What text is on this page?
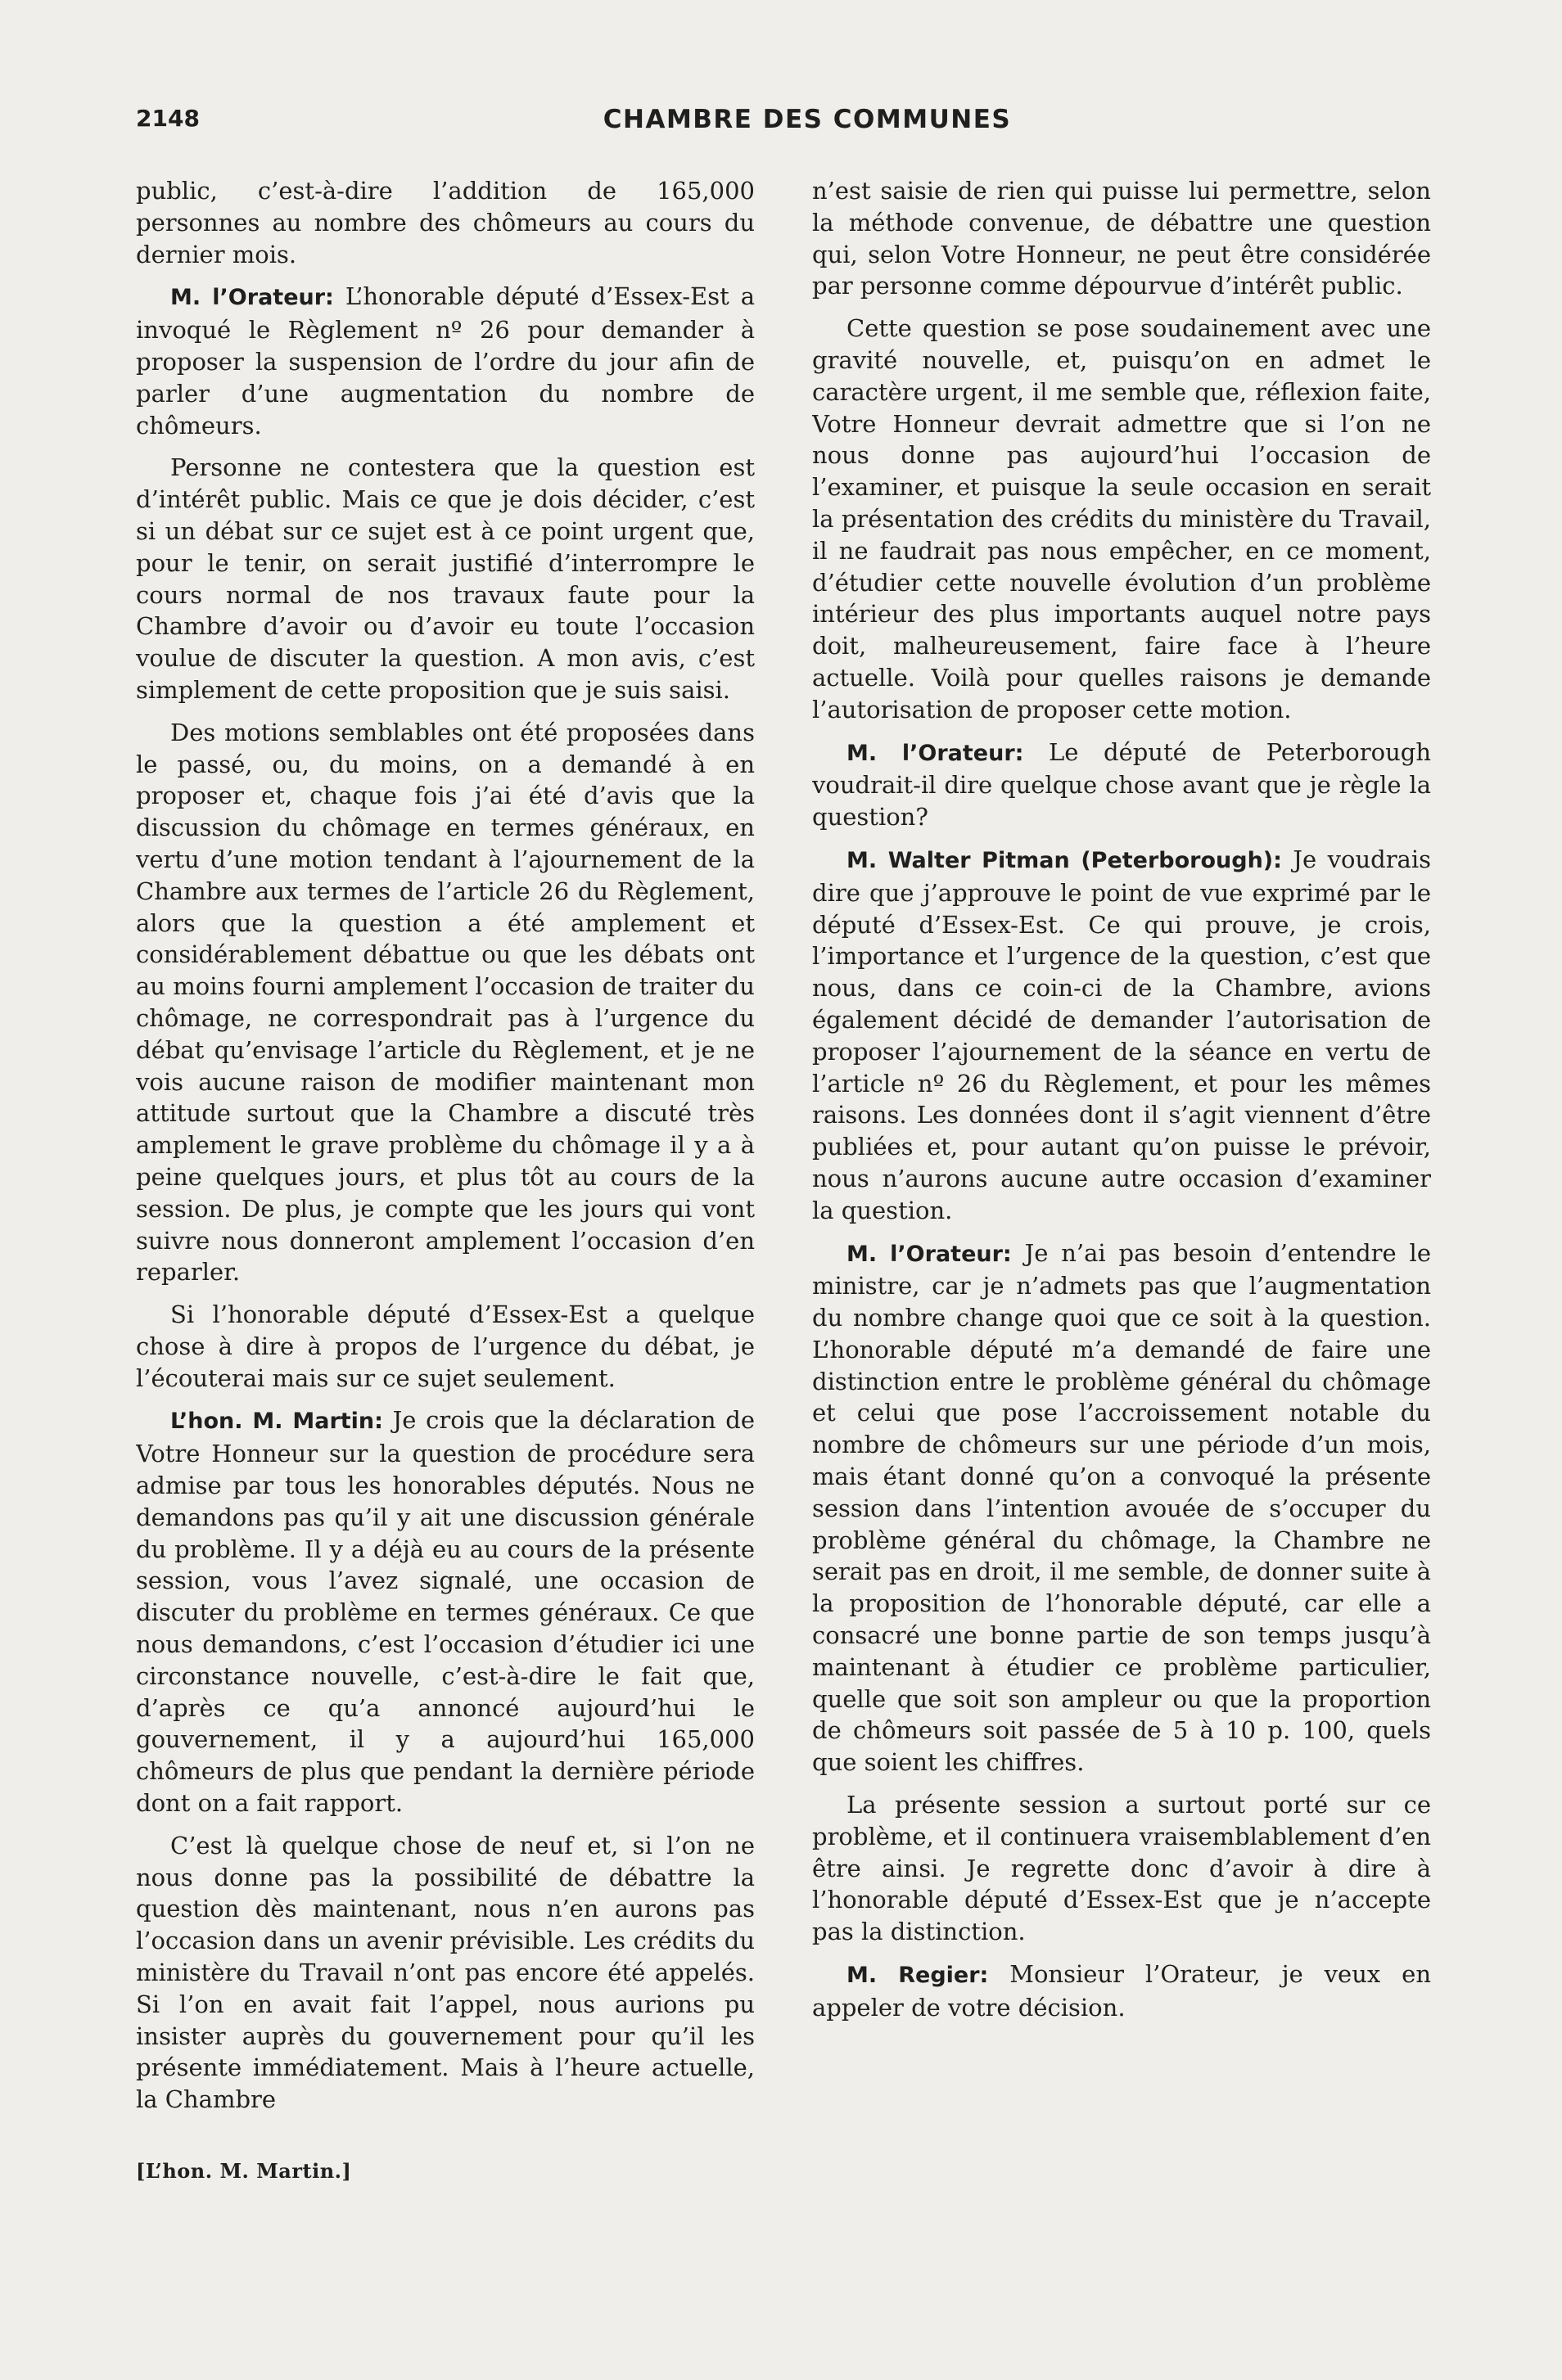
2148	CHAMBRE DES COMMUNES

public, c’est-à-dire l’addition de 165,000 personnes au nombre des chômeurs au cours du dernier mois.

M. l’Orateur: L’honorable député d’Essex-Est a invoqué le Règlement nº 26 pour demander à proposer la suspension de l’ordre du jour afin de parler d’une augmentation du nombre de chômeurs.

Personne ne contestera que la question est d’intérêt public. Mais ce que je dois décider, c’est si un débat sur ce sujet est à ce point urgent que, pour le tenir, on serait justifié d’interrompre le cours normal de nos travaux faute pour la Chambre d’avoir ou d’avoir eu toute l’occasion voulue de discuter la question. A mon avis, c’est simplement de cette proposition que je suis saisi.

Des motions semblables ont été proposées dans le passé, ou, du moins, on a demandé à en proposer et, chaque fois j’ai été d’avis que la discussion du chômage en termes généraux, en vertu d’une motion tendant à l’ajournement de la Chambre aux termes de l’article 26 du Règlement, alors que la question a été amplement et considérablement débattue ou que les débats ont au moins fourni amplement l’occasion de traiter du chômage, ne correspondrait pas à l’urgence du débat qu’envisage l’article du Règlement, et je ne vois aucune raison de modifier maintenant mon attitude surtout que la Chambre a discuté très amplement le grave problème du chômage il y a à peine quelques jours, et plus tôt au cours de la session. De plus, je compte que les jours qui vont suivre nous donneront amplement l’occasion d’en reparler.

Si l’honorable député d’Essex-Est a quelque chose à dire à propos de l’urgence du débat, je l’écouterai mais sur ce sujet seulement.

L’hon. M. Martin: Je crois que la déclaration de Votre Honneur sur la question de procédure sera admise par tous les honorables députés. Nous ne demandons pas qu’il y ait une discussion générale du problème. Il y a déjà eu au cours de la présente session, vous l’avez signalé, une occasion de discuter du problème en termes généraux. Ce que nous demandons, c’est l’occasion d’étudier ici une circonstance nouvelle, c’est-à-dire le fait que, d’après ce qu’a annoncé aujourd’hui le gouvernement, il y a aujourd’hui 165,000 chômeurs de plus que pendant la dernière période dont on a fait rapport.

C’est là quelque chose de neuf et, si l’on ne nous donne pas la possibilité de débattre la question dès maintenant, nous n’en aurons pas l’occasion dans un avenir prévisible. Les crédits du ministère du Travail n’ont pas encore été appelés. Si l’on en avait fait l’appel, nous aurions pu insister auprès du gouvernement pour qu’il les présente immédiatement. Mais à l’heure actuelle, la Chambre

[L’hon. M. Martin.]

n’est saisie de rien qui puisse lui permettre, selon la méthode convenue, de débattre une question qui, selon Votre Honneur, ne peut être considérée par personne comme dépourvue d’intérêt public.

Cette question se pose soudainement avec une gravité nouvelle, et, puisqu’on en admet le caractère urgent, il me semble que, réflexion faite, Votre Honneur devrait admettre que si l’on ne nous donne pas aujourd’hui l’occasion de l’examiner, et puisque la seule occasion en serait la présentation des crédits du ministère du Travail, il ne faudrait pas nous empêcher, en ce moment, d’étudier cette nouvelle évolution d’un problème intérieur des plus importants auquel notre pays doit, malheureusement, faire face à l’heure actuelle. Voilà pour quelles raisons je demande l’autorisation de proposer cette motion.

M. l’Orateur: Le député de Peterborough voudrait-il dire quelque chose avant que je règle la question?

M. Walter Pitman (Peterborough): Je voudrais dire que j’approuve le point de vue exprimé par le député d’Essex-Est. Ce qui prouve, je crois, l’importance et l’urgence de la question, c’est que nous, dans ce coin-ci de la Chambre, avions également décidé de demander l’autorisation de proposer l’ajournement de la séance en vertu de l’article nº 26 du Règlement, et pour les mêmes raisons. Les données dont il s’agit viennent d’être publiées et, pour autant qu’on puisse le prévoir, nous n’aurons aucune autre occasion d’examiner la question.

M. l’Orateur: Je n’ai pas besoin d’entendre le ministre, car je n’admets pas que l’augmentation du nombre change quoi que ce soit à la question. L’honorable député m’a demandé de faire une distinction entre le problème général du chômage et celui que pose l’accroissement notable du nombre de chômeurs sur une période d’un mois, mais étant donné qu’on a convoqué la présente session dans l’intention avouée de s’occuper du problème général du chômage, la Chambre ne serait pas en droit, il me semble, de donner suite à la proposition de l’honorable député, car elle a consacré une bonne partie de son temps jusqu’à maintenant à étudier ce problème particulier, quelle que soit son ampleur ou que la proportion de chômeurs soit passée de 5 à 10 p. 100, quels que soient les chiffres.

La présente session a surtout porté sur ce problème, et il continuera vraisemblablement d’en être ainsi. Je regrette donc d’avoir à dire à l’honorable député d’Essex-Est que je n’accepte pas la distinction.

M. Regier: Monsieur l’Orateur, je veux en appeler de votre décision.
